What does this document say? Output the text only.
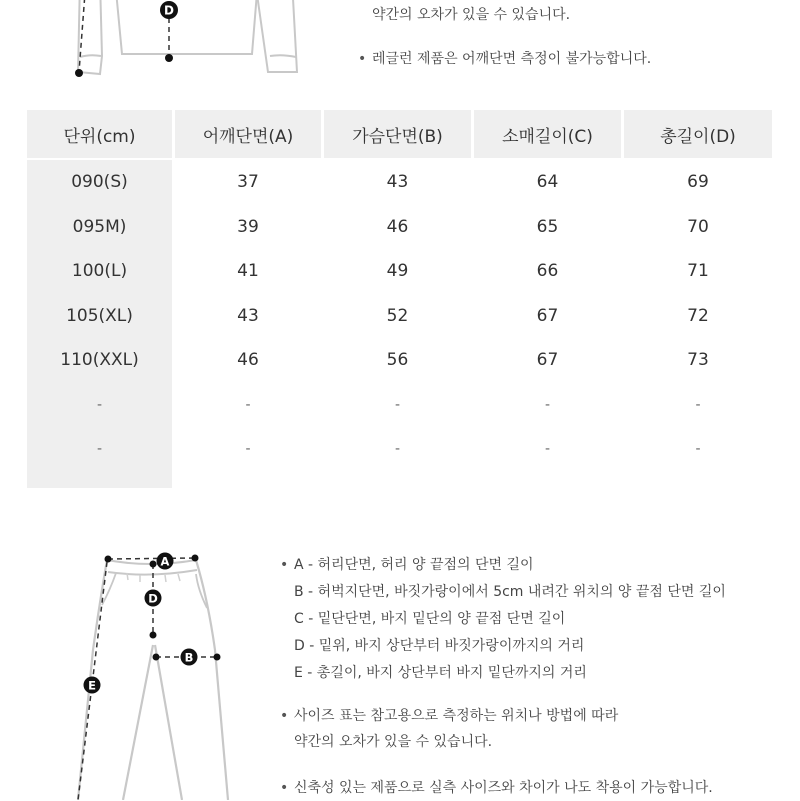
D	약간의 오차가 있을 수 있습니다.
• 레글런 제품은 어깨단면 측정이 불가능합니다.
단위(cm)	어깨단면(A)	가슴단면(B)	소매길이(C)	총길이(D)
090(S)	37	43	64	69
095M)	39	46	65	70
100(L)	41	49	66	71
105(XL)	43	52	67	72
110(XXL)	46	56	67	73
-	-	-	-	-
-	-	-	-	-
A
D
B
E
• A - 허리단면, 허리 양 끝점의 단면 길이
B - 허벅지단면, 바짓가랑이에서 5cm 내려간 위치의 양 끝점 단면 길이
C - 밑단단면, 바지 밑단의 양 끝점 단면 길이
D - 밑위, 바지 상단부터 바짓가랑이까지의 거리
E - 총길이, 바지 상단부터 바지 밑단까지의 거리
• 사이즈 표는 참고용으로 측정하는 위치나 방법에 따라
약간의 오차가 있을 수 있습니다.
• 신축성 있는 제품으로 실측 사이즈와 차이가 나도 착용이 가능합니다.
